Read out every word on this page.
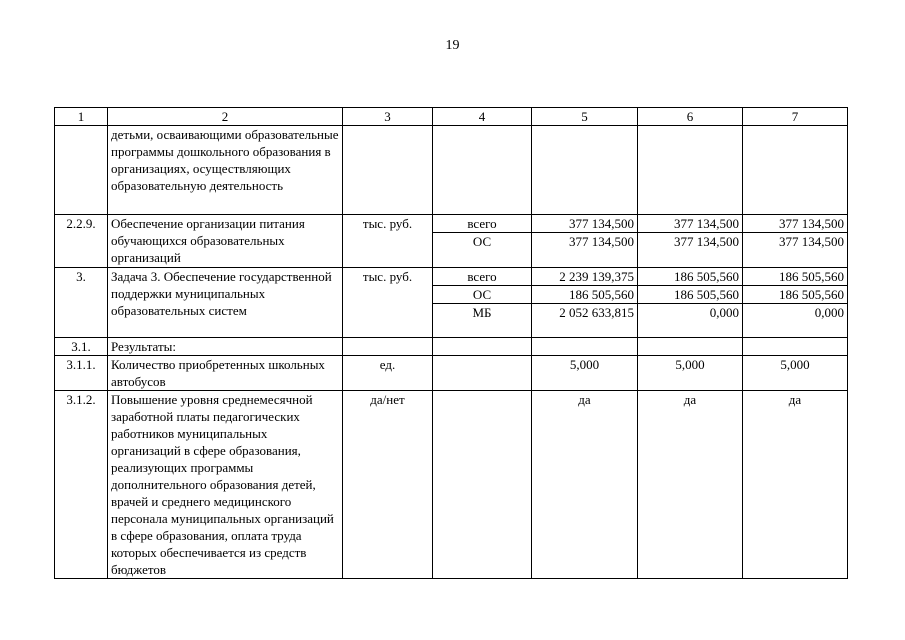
19
1	2	3	4	5	6	7
	детьми, осваивающими образовательные программы дошкольного образования в организациях, осуществляющих образовательную деятельность					
2.2.9.	Обеспечение организации питания обучающихся образовательных организаций	тыс. руб.	всего	377 134,500	377 134,500	377 134,500
			ОС	377 134,500	377 134,500	377 134,500
3.	Задача 3. Обеспечение государственной поддержки муниципальных образовательных систем	тыс. руб.	всего	2 239 139,375	186 505,560	186 505,560
			ОС	186 505,560	186 505,560	186 505,560
			МБ	2 052 633,815	0,000	0,000
3.1.	Результаты:					
3.1.1.	Количество приобретенных школьных автобусов	ед.		5,000	5,000	5,000
3.1.2.	Повышение уровня среднемесячной заработной платы педагогических работников муниципальных организаций в сфере образования, реализующих программы дополнительного образования детей, врачей и среднего медицинского персонала муниципальных организаций в сфере образования, оплата труда которых обеспечивается из средств бюджетов	да/нет		да	да	да
